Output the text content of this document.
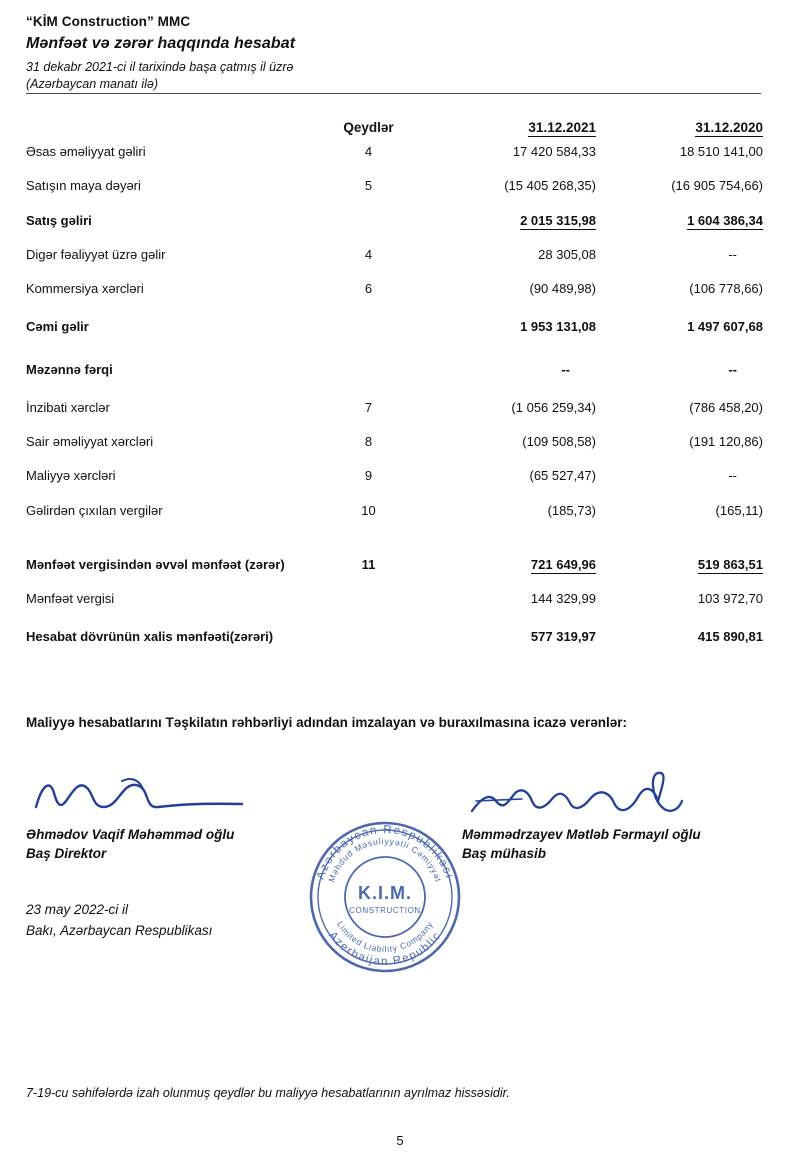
“KİM Construction” MMC
Mənfəət və zərər haqqında hesabat
31 dekabr 2021-ci il tarixində başa çatmış il üzrə
(Azərbaycan manatı ilə)
	Qeydlər	31.12.2021	31.12.2020
Əsas əməliyyat gəliri	4	17 420 584,33	18 510 141,00
Satışın maya dəyəri	5	(15 405 268,35)	(16 905 754,66)
Satış gəliri		2 015 315,98	1 604 386,34
Digər fəaliyyət üzrə gəlir	4	28 305,08	--
Kommersiya xərcləri	6	(90 489,98)	(106 778,66)
Cəmi gəlir		1 953 131,08	1 497 607,68
Məzənnə fərqi		--	--
İnzibati xərclər	7	(1 056 259,34)	(786 458,20)
Sair əməliyyat xərcləri	8	(109 508,58)	(191 120,86)
Maliyyə xərcləri	9	(65 527,47)	--
Gəlirdən çıxılan vergilər	10	(185,73)	(165,11)

Mənfəət vergisindən əvvəl mənfəət (zərər)	11	721 649,96	519 863,51
Mənfəət vergisi		144 329,99	103 972,70
Hesabat dövrünün xalis mənfəəti(zərəri)		577 319,97	415 890,81
Maliyyə hesabatlarını Təşkilatın rəhbərliyi adından imzalayan və buraxılmasına icazə verənlər:
Əhmədov Vaqif Məhəmməd oğlu
Baş Direktor
Məmmədrzayev Mətləb Fərmayıl oğlu
Baş mühasib
23 may 2022-ci il
Bakı, Azərbaycan Respublikası
Azərbaycan Respublikası
Məhdud Məsuliyyətli Cəmiyyət
Azerbaijan Republic
Limited Liability Company
K.I.M.
CONSTRUCTION
7-19-cu səhifələrdə izah olunmuş qeydlər bu maliyyə hesabatlarının ayrılmaz hissəsidir.
5
